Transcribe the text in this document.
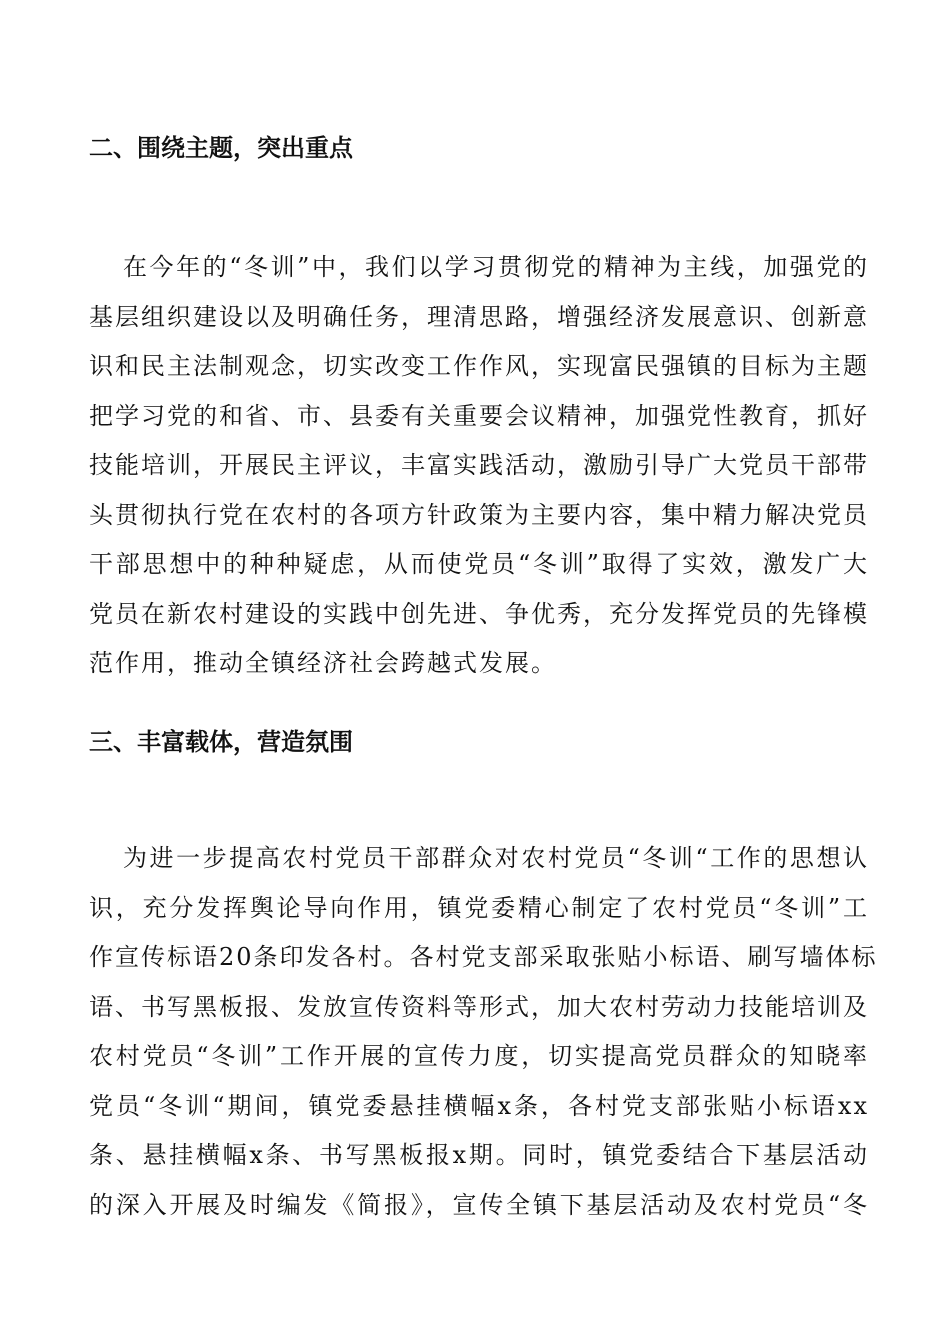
二、围绕主题，突出重点
在今年的“冬训”中，我们以学习贯彻党的精神为主线，加强党的
基层组织建设以及明确任务，理清思路，增强经济发展意识、创新意
识和民主法制观念，切实改变工作作风，实现富民强镇的目标为主题
把学习党的和省、市、县委有关重要会议精神，加强党性教育，抓好
技能培训，开展民主评议，丰富实践活动，激励引导广大党员干部带
头贯彻执行党在农村的各项方针政策为主要内容，集中精力解决党员
干部思想中的种种疑虑，从而使党员“冬训”取得了实效，激发广大
党员在新农村建设的实践中创先进、争优秀，充分发挥党员的先锋模
范作用，推动全镇经济社会跨越式发展。
三、丰富载体，营造氛围
为进一步提高农村党员干部群众对农村党员“冬训“工作的思想认
识，充分发挥舆论导向作用，镇党委精心制定了农村党员“冬训”工
作宣传标语20条印发各村。各村党支部采取张贴小标语、刷写墙体标
语、书写黑板报、发放宣传资料等形式，加大农村劳动力技能培训及
农村党员“冬训”工作开展的宣传力度，切实提高党员群众的知晓率
党员“冬训“期间，镇党委悬挂横幅x条，各村党支部张贴小标语xx
条、悬挂横幅x条、书写黑板报x期。同时，镇党委结合下基层活动
的深入开展及时编发《简报》，宣传全镇下基层活动及农村党员“冬
